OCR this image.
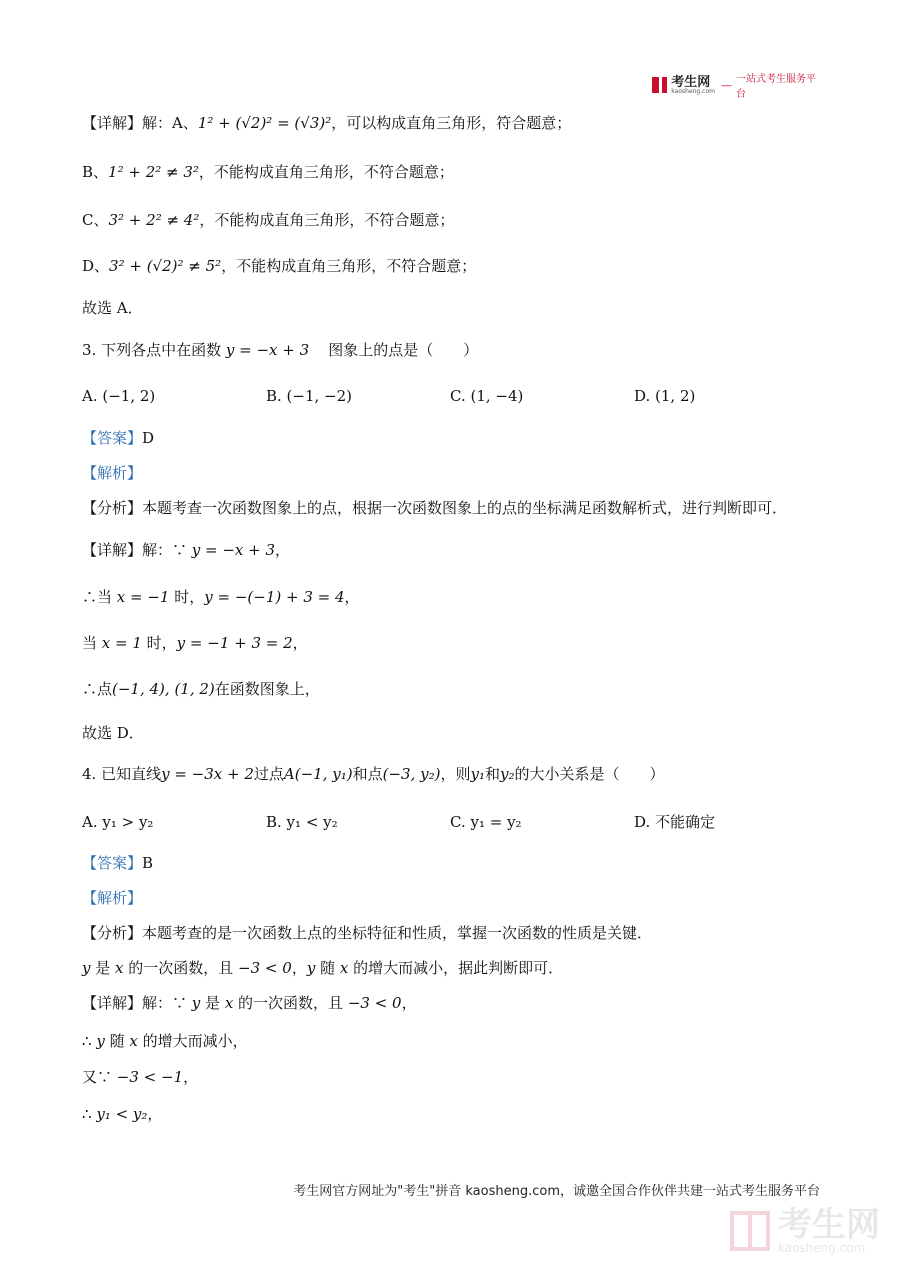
考生网
kaosheng.com — 一站式考生服务平台
【详解】解：A、1² + (√2)² = (√3)²，可以构成直角三角形，符合题意；
B、1² + 2² ≠ 3²，不能构成直角三角形，不符合题意；
C、3² + 2² ≠ 4²，不能构成直角三角形，不符合题意；
D、3² + (√2)² ≠ 5²，不能构成直角三角形，不符合题意；
故选 A．
3. 下列各点中在函数 y = −x + 3 图象上的点是（　　）
A. (−1, 2)	B. (−1, −2)	C. (1, −4)	D. (1, 2)
【答案】D
【解析】
【分析】本题考查一次函数图象上的点，根据一次函数图象上的点的坐标满足函数解析式，进行判断即可．
【详解】解：∵ y = −x + 3，
∴当 x = −1 时，y = −(−1) + 3 = 4，
当 x = 1 时，y = −1 + 3 = 2，
∴点(−1, 4), (1, 2)在函数图象上，
故选 D．
4. 已知直线y = −3x + 2过点A(−1, y₁)和点(−3, y₂)，则y₁和y₂的大小关系是（　　）
A. y₁ > y₂	B. y₁ < y₂	C. y₁ = y₂	D. 不能确定
【答案】B
【解析】
【分析】本题考查的是一次函数上点的坐标特征和性质，掌握一次函数的性质是关键．
y 是 x 的一次函数，且 −3 < 0，y 随 x 的增大而减小，据此判断即可．
【详解】解：∵ y 是 x 的一次函数，且 −3 < 0，
∴ y 随 x 的增大而减小，
又∵ −3 < −1，
∴ y₁ < y₂，
考生网官方网址为"考生"拼音 kaosheng.com，诚邀全国合作伙伴共建一站式考生服务平台
考生网
kaosheng.com
